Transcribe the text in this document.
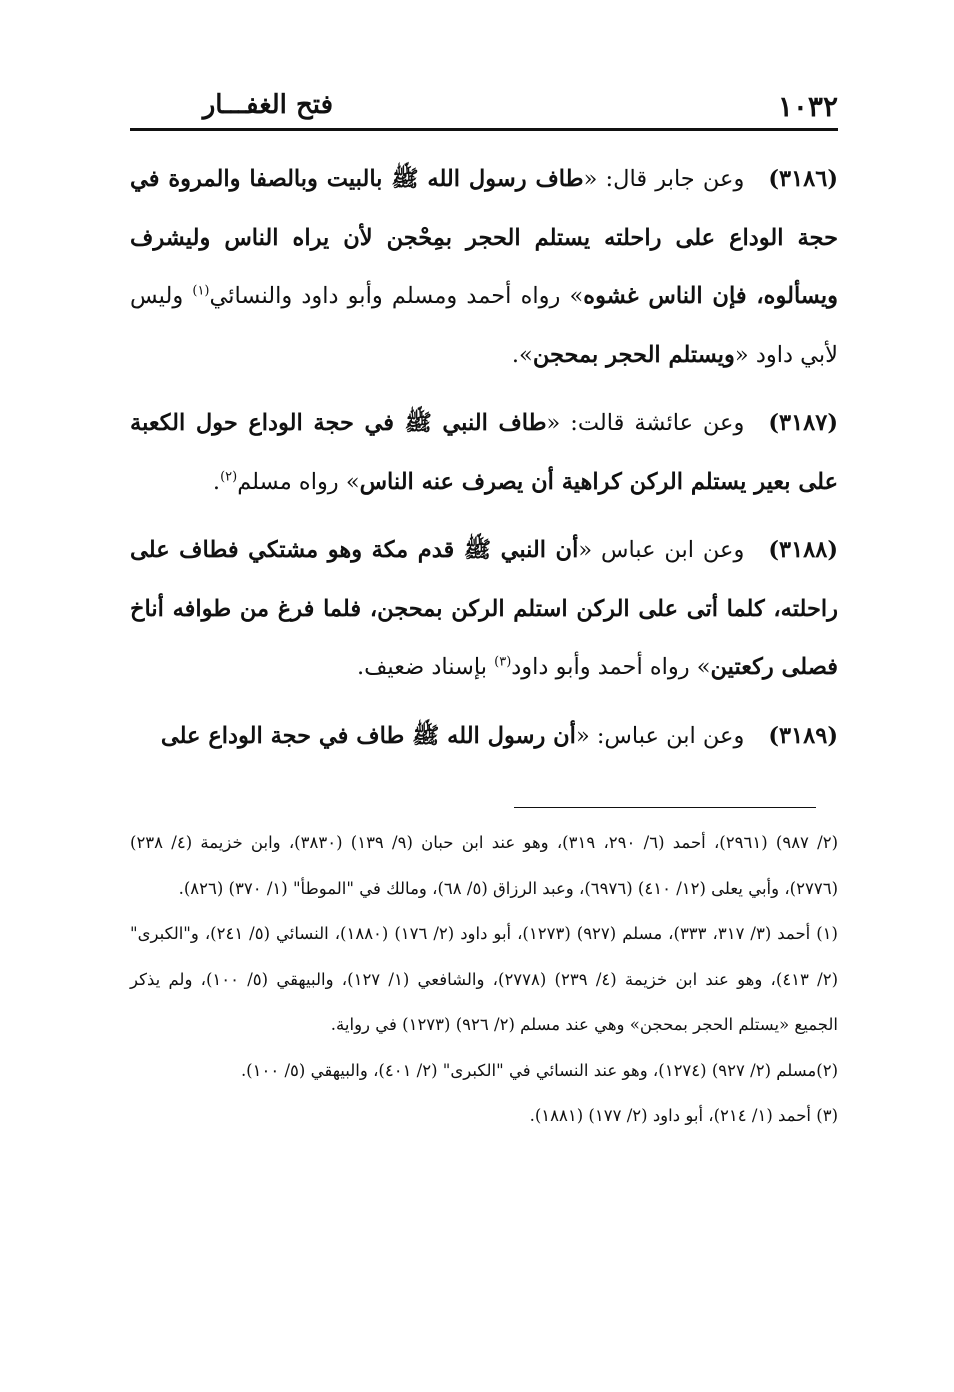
١٠٣٢
فتح الغفـــار

(٣١٨٦)وعن جابر قال: «طاف رسول الله ﷺ بالبيت وبالصفا والمروة في حجة الوداع على راحلته يستلم الحجر بمِحْجن لأن يراه الناس وليشرف ويسألوه، فإن الناس غشوه» رواه أحمد ومسلم وأبو داود والنسائي$^{(١)}$ وليس لأبي داود «ويستلم الحجر بمحجن».

(٣١٨٧)وعن عائشة قالت: «طاف النبي ﷺ في حجة الوداع حول الكعبة على بعير يستلم الركن كراهية أن يصرف عنه الناس» رواه مسلم$^{(٢)}$.

(٣١٨٨)وعن ابن عباس «أن النبي ﷺ قدم مكة وهو مشتكي فطاف على راحلته، كلما أتى على الركن استلم الركن بمحجن، فلما فرغ من طوافه أناخ فصلى ركعتين» رواه أحمد وأبو داود$^{(٣)}$ بإسناد ضعيف.

(٣١٨٩)وعن ابن عباس: «أن رسول الله ﷺ طاف في حجة الوداع على

(٢/ ٩٨٧) (٢٩٦١)، أحمد (٦/ ٢٩٠، ٣١٩)، وهو عند ابن حبان (٩/ ١٣٩) (٣٨٣٠)، وابن خزيمة (٤/ ٢٣٨) (٢٧٧٦)، وأبي يعلى (١٢/ ٤١٠) (٦٩٧٦)، وعبد الرزاق (٥/ ٦٨)، ومالك في "الموطأ" (١/ ٣٧٠) (٨٢٦).

(١) أحمد (٣/ ٣١٧، ٣٣٣)، مسلم (٩٢٧) (١٢٧٣)، أبو داود (٢/ ١٧٦) (١٨٨٠)، النسائي (٥/ ٢٤١)، و"الكبرى" (٢/ ٤١٣)، وهو عند ابن خزيمة (٤/ ٢٣٩) (٢٧٧٨)، والشافعي (١/ ١٢٧)، والبيهقي (٥/ ١٠٠)، ولم يذكر الجميع «يستلم الحجر بمحجن» وهي عند مسلم (٢/ ٩٢٦) (١٢٧٣) في رواية.

(٢)مسلم (٢/ ٩٢٧) (١٢٧٤)، وهو عند النسائي في "الكبرى" (٢/ ٤٠١)، والبيهقي (٥/ ١٠٠).

(٣) أحمد (١/ ٢١٤)، أبو داود (٢/ ١٧٧) (١٨٨١).
